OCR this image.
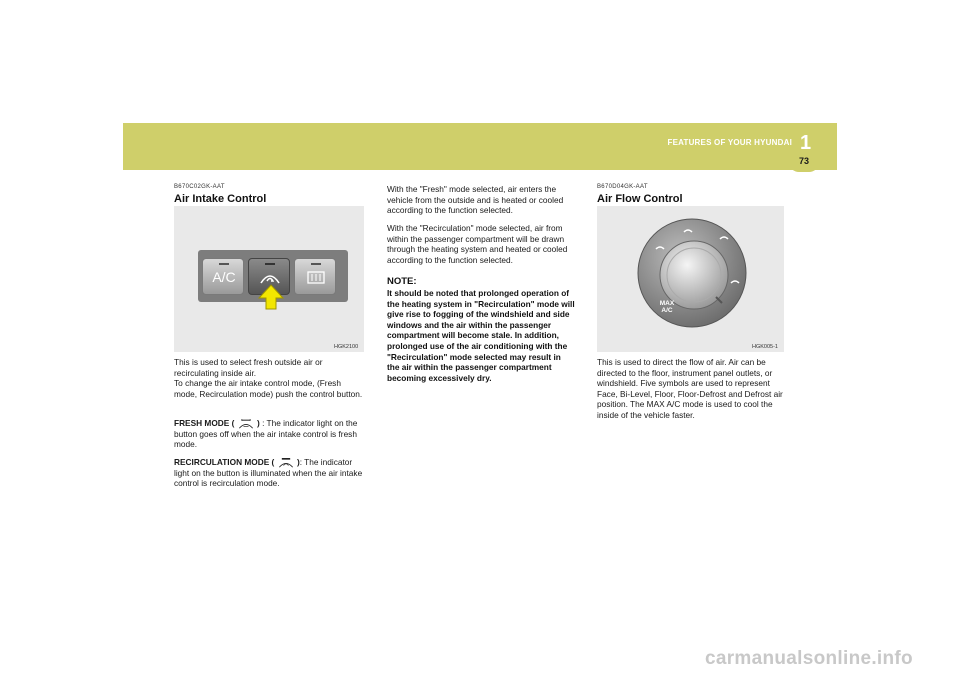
1
FEATURES OF YOUR HYUNDAI
73
B670C02GK-AAT
Air Intake Control
A/C
HGK2100

This is used to select fresh outside air or recirculating inside air.

To change the air intake control mode, (Fresh mode, Recirculation mode) push the control button.

FRESH MODE (	) : The indicator light on the button goes off when the air intake control is fresh mode.

RECIRCULATION MODE (	): The indicator light on the button is illuminated when the air intake control is recirculation mode.

With the "Fresh" mode selected, air enters the vehicle from the outside and is heated or cooled according to the function selected.

With the "Recirculation" mode selected, air from within the passenger compartment will be drawn through the heating system and heated or cooled according to the function selected.

NOTE:

It should be noted that prolonged operation of the heating system in "Recirculation" mode will give rise to fogging of the windshield and side windows and the air within the passenger compartment will become stale. In addition, prolonged use of the air conditioning with the "Recirculation" mode selected may result in the air within the passenger compartment becoming excessively dry.

B670D04GK-AAT
Air Flow Control
MAX
A/C
HGK005-1

This is used to direct the flow of air. Air can be directed to the floor, instrument panel outlets, or windshield. Five symbols are used to represent Face, Bi-Level, Floor, Floor-Defrost and Defrost air position. The MAX A/C mode is used to cool the inside of the vehicle faster.

carmanualsonline.info
